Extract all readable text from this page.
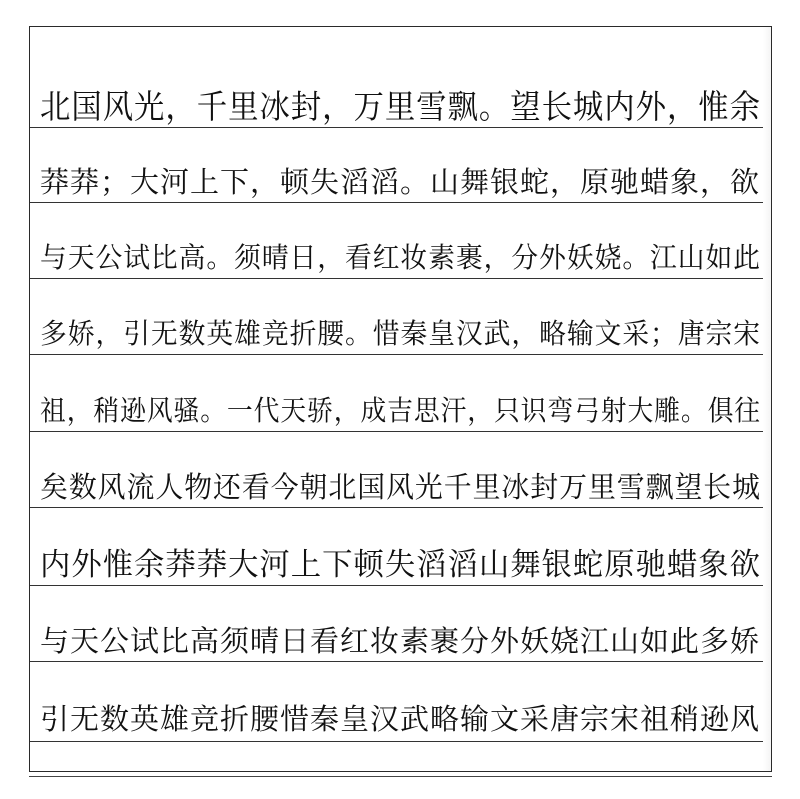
北国风光，千里冰封，万里雪飘。望长城内外，惟余
莽莽；大河上下，顿失滔滔。山舞银蛇，原驰蜡象，欲
与天公试比高。须晴日，看红妆素裹，分外妖娆。江山如此
多娇，引无数英雄竞折腰。惜秦皇汉武，略输文采；唐宗宋
祖，稍逊风骚。一代天骄，成吉思汗，只识弯弓射大雕。俱往
矣数风流人物还看今朝北国风光千里冰封万里雪飘望长城
内外惟余莽莽大河上下顿失滔滔山舞银蛇原驰蜡象欲
与天公试比高须晴日看红妆素裹分外妖娆江山如此多娇
引无数英雄竞折腰惜秦皇汉武略输文采唐宗宋祖稍逊风
